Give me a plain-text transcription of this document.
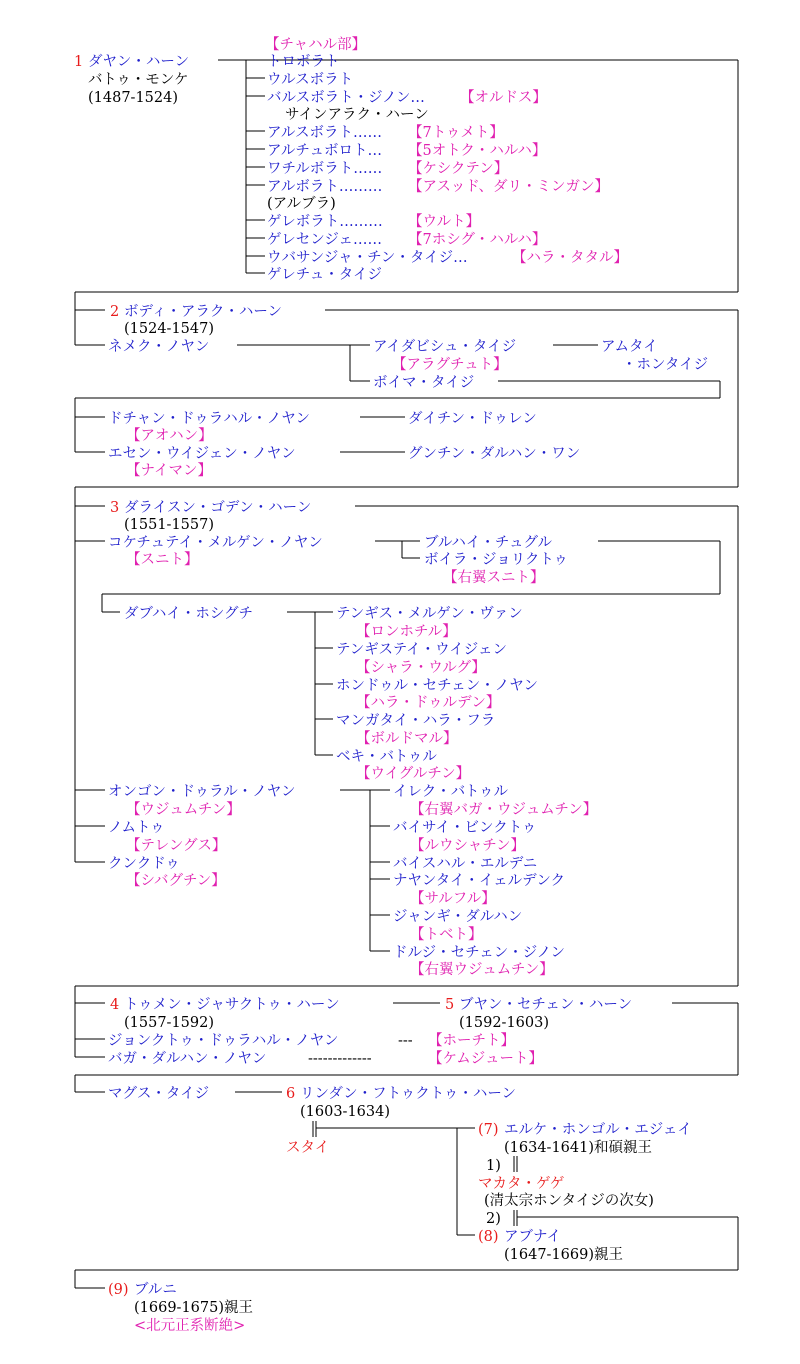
【チャハル部】
1 ダヤン・ハーン
バトゥ・モンケ
(1487-1524)
トロボラト
ウルスボラト
バルスボラト・ジノン… 【オルドス】
サインアラク・ハーン
アルスボラト…… 【7トゥメト】
アルチュボロト… 【5オトク・ハルハ】
ワチルボラト…… 【ケシクテン】
アルボラト……… 【アスッド、ダリ・ミンガン】
(アルブラ)
ゲレボラト……… 【ウルト】
ゲレセンジェ…… 【7ホシグ・ハルハ】
ウバサンジャ・チン・タイジ…	【ハラ・タタル】
ゲレチュ・タイジ
2 ボディ・アラク・ハーン
(1524-1547)
ネメク・ノヤン	アイダビシュ・タイジ
【アラグチュト】
アムタイ
・ホンタイジ
ボイマ・タイジ
ドチャン・ドゥラハル・ノヤン
【アオハン】
ダイチン・ドゥレン
エセン・ウイジェン・ノヤン
【ナイマン】
グンチン・ダルハン・ワン
3 ダライスン・ゴデン・ハーン
(1551-1557)
コケチュテイ・メルゲン・ノヤン
【スニト】
ブルハイ・チュグル
ボイラ・ジョリクトゥ
【右翼スニト】
ダブハイ・ホシグチ	テンギス・メルゲン・ヴァン
【ロンホチル】
テンギステイ・ウイジェン
【シャラ・ウルグ】
ホンドゥル・セチェン・ノヤン
【ハラ・ドゥルデン】
マンガタイ・ハラ・フラ
【ボルドマル】
ベキ・バトゥル
【ウイグルチン】
オンゴン・ドゥラル・ノヤン
【ウジュムチン】
ノムトゥ
【テレングス】
クンクドゥ
【シバグチン】
イレク・バトゥル
【右翼バガ・ウジュムチン】
バイサイ・ビンクトゥ
【ルウシャチン】
バイスハル・エルデニ
ナヤンタイ・イェルデンク
【サルフル】
ジャンギ・ダルハン
【トベト】
ドルジ・セチェン・ジノン
【右翼ウジュムチン】
4 トゥメン・ジャサクトゥ・ハーン
(1557-1592)
5 ブヤン・セチェン・ハーン
(1592-1603)
ジョンクトゥ・ドゥラハル・ノヤン	--- 【ホーチト】
バガ・ダルハン・ノヤン	-------------	【ケムジュート】
マグス・タイジ	6 リンダン・フトゥクトゥ・ハーン
(1603-1634)
スタイ
(7) エルケ・ホンゴル・エジェイ
(1634-1641)和碩親王
1)
マカタ・ゲゲ
(清太宗ホンタイジの次女)
2)
(8) アブナイ
(1647-1669)親王
(9) ブルニ
(1669-1675)親王
<北元正系断絶>
